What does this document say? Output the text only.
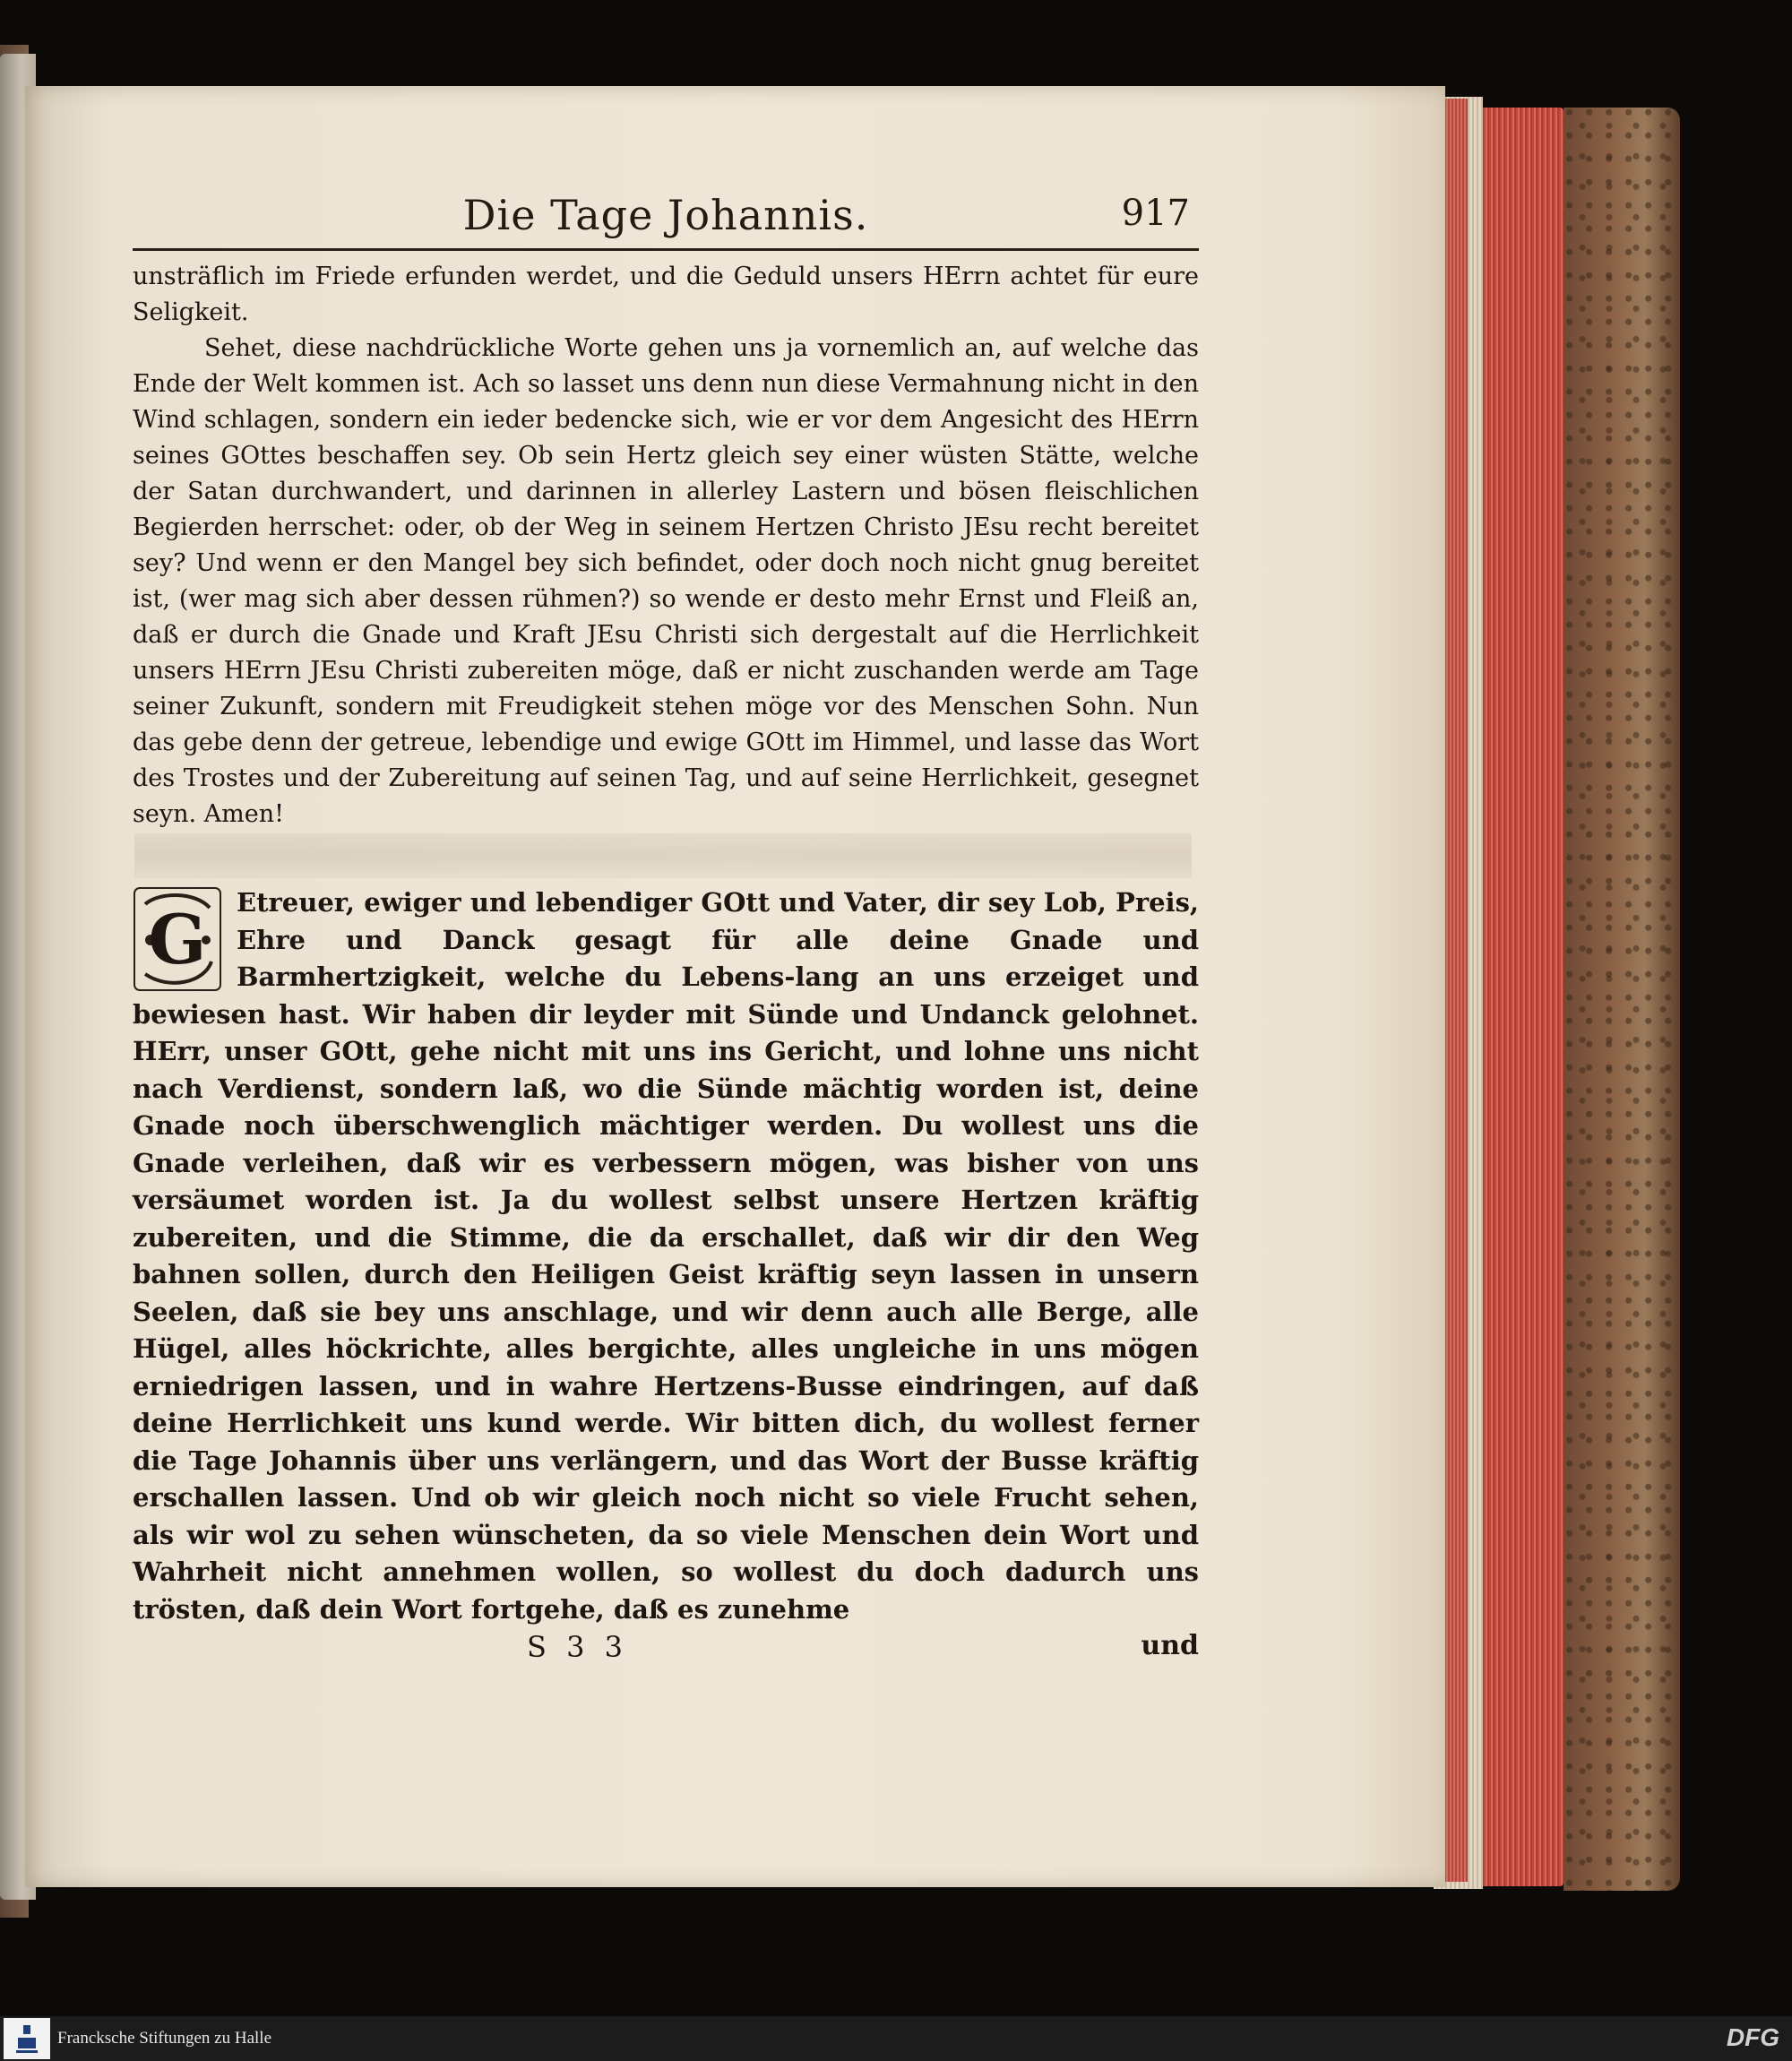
Die Tage Johannis.	917

unsträflich im Friede erfunden werdet, und die Geduld unsers HErrn achtet für eure Seligkeit.

Sehet, diese nachdrückliche Worte gehen uns ja vornemlich an, auf welche das Ende der Welt kommen ist. Ach so lasset uns denn nun diese Vermahnung nicht in den Wind schlagen, sondern ein ieder bedencke sich, wie er vor dem Angesicht des HErrn seines GOttes beschaffen sey. Ob sein Hertz gleich sey einer wüsten Stätte, welche der Satan durchwandert, und darinnen in allerley Lastern und bösen fleischlichen Begierden herrschet: oder, ob der Weg in seinem Hertzen Christo JEsu recht bereitet sey? Und wenn er den Mangel bey sich befindet, oder doch noch nicht gnug bereitet ist, (wer mag sich aber dessen rühmen?) so wende er desto mehr Ernst und Fleiß an, daß er durch die Gnade und Kraft JEsu Christi sich dergestalt auf die Herrlichkeit unsers HErrn JEsu Christi zubereiten möge, daß er nicht zuschanden werde am Tage seiner Zukunft, sondern mit Freudigkeit stehen möge vor des Menschen Sohn. Nun das gebe denn der getreue, lebendige und ewige GOtt im Himmel, und lasse das Wort des Trostes und der Zubereitung auf seinen Tag, und auf seine Herrlichkeit, gesegnet seyn. Amen!

G	Etreuer, ewiger und lebendiger GOtt und Vater, dir sey Lob, Preis, Ehre und Danck gesagt für alle deine Gnade und Barmhertzigkeit, welche du Lebens-lang an uns erzeiget und bewiesen hast. Wir haben dir leyder mit Sünde und Undanck gelohnet. HErr, unser GOtt, gehe nicht mit uns ins Gericht, und lohne uns nicht nach Verdienst, sondern laß, wo die Sünde mächtig worden ist, deine Gnade noch überschwenglich mächtiger werden. Du wollest uns die Gnade verleihen, daß wir es verbessern mögen, was bisher von uns versäumet worden ist. Ja du wollest selbst unsere Hertzen kräftig zubereiten, und die Stimme, die da erschallet, daß wir dir den Weg bahnen sollen, durch den Heiligen Geist kräftig seyn lassen in unsern Seelen, daß sie bey uns anschlage, und wir denn auch alle Berge, alle Hügel, alles höckrichte, alles bergichte, alles ungleiche in uns mögen erniedrigen lassen, und in wahre Hertzens-Busse eindringen, auf daß deine Herrlichkeit uns kund werde. Wir bitten dich, du wollest ferner die Tage Johannis über uns verlängern, und das Wort der Busse kräftig erschallen lassen. Und ob wir gleich noch nicht so viele Frucht sehen, als wir wol zu sehen wünscheten, da so viele Menschen dein Wort und Wahrheit nicht annehmen wollen, so wollest du doch dadurch uns trösten, daß dein Wort fortgehe, daß es zunehme

S 3 3	und
Francksche Stiftungen zu Halle	DFG
